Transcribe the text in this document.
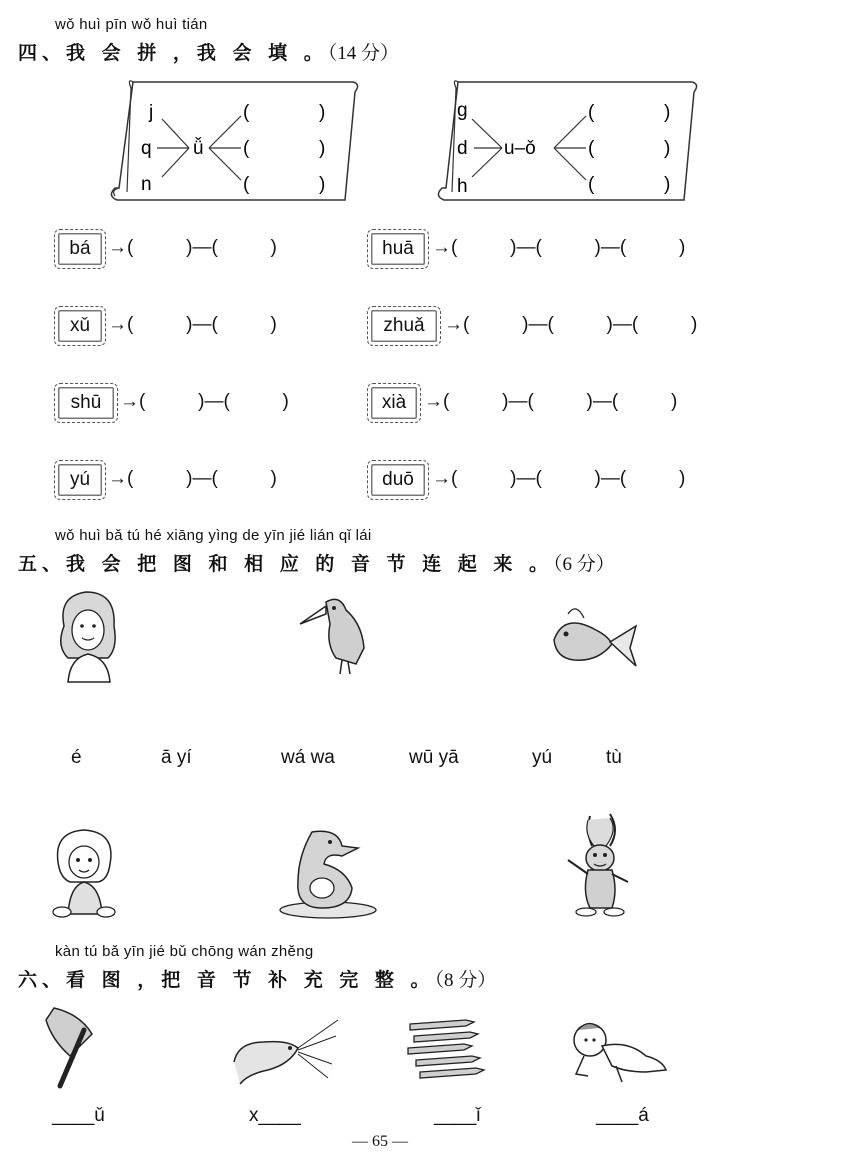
wǒ huì pīn wǒ huì tián
四、我 会 拼 ，我 会 填 。（14 分）
j
q
n
ǚ
(
(
(
)
)
)
g
d
h
u–ǒ
(
(
(
)
)
)
bá →(          )—(          )	huā →(          )—(          )—(          )
xǔ →(          )—(          )	zhuǎ	→(          )—(          )—(          )
shū →(          )—(          )	xià →(          )—(          )—(          )
yú →(          )—(          )	duō →(          )—(          )—(          )
wǒ huì bǎ tú hé xiāng yìng de yīn jié lián qǐ lái
五、我 会 把 图 和 相 应 的 音 节 连 起 来 。（6 分）
é	ā yí	wá wa	wū yā	yú	tù
kàn tú bǎ yīn jié bǔ chōng wán zhěng
六、看 图 ，把 音 节 补 充 完 整 。（8 分）
____ǔ	x____	____ǐ	____á
— 65 —
